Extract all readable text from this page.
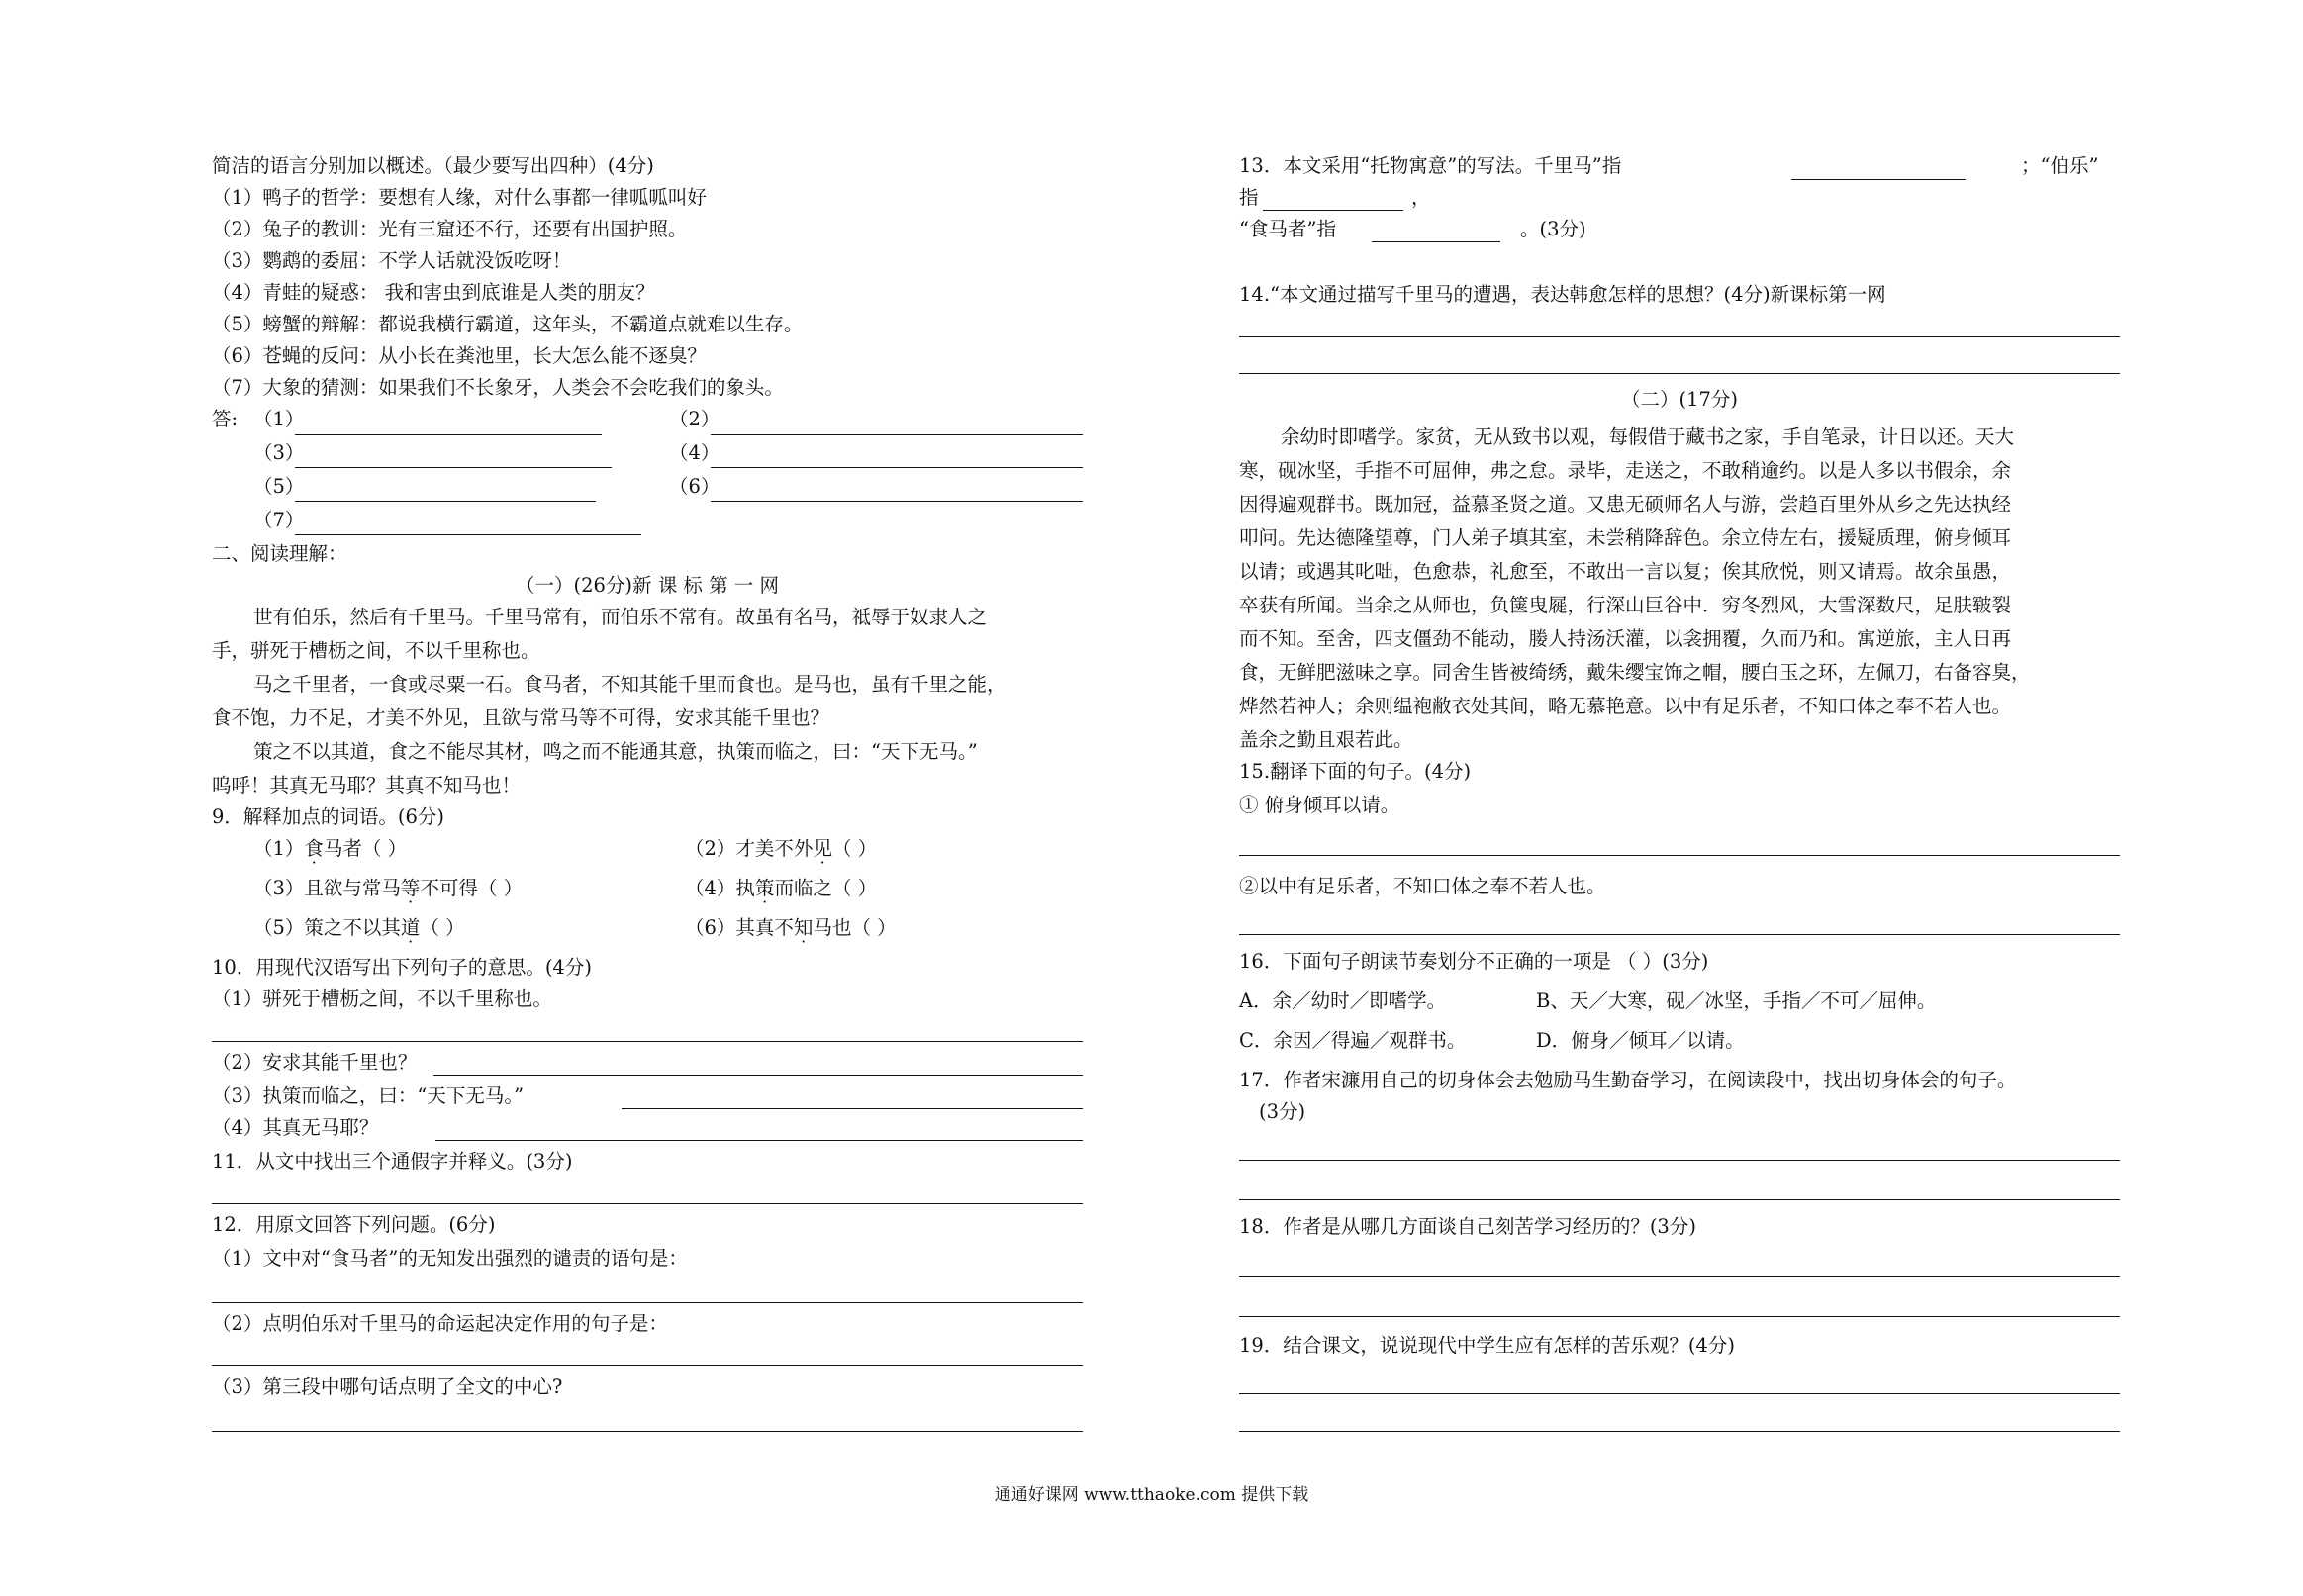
简洁的语言分别加以概述。（最少要写出四种）(4分)
（1）鸭子的哲学：要想有人缘，对什么事都一律呱呱叫好
（2）兔子的教训：光有三窟还不行，还要有出国护照。
（3）鹦鹉的委屈：不学人话就没饭吃呀！
（4）青蛙的疑惑： 我和害虫到底谁是人类的朋友？
（5）螃蟹的辩解：都说我横行霸道，这年头，不霸道点就难以生存。
（6）苍蝇的反问：从小长在粪池里，长大怎么能不逐臭？
（7）大象的猜测：如果我们不长象牙，人类会不会吃我们的象头。
答: （1）	（2）
（3）	（4）
（5）	（6）
（7）
二、阅读理解：
（一）(26分)新 课 标 第 一 网
世有伯乐，然后有千里马。千里马常有，而伯乐不常有。故虽有名马，祗辱于奴隶人之
手，骈死于槽枥之间，不以千里称也。
马之千里者，一食或尽粟一石。食马者，不知其能千里而食也。是马也，虽有千里之能，
食不饱，力不足，才美不外见，且欲与常马等不可得，安求其能千里也？
策之不以其道，食之不能尽其材，鸣之而不能通其意，执策而临之，曰：“天下无马。”
呜呼！其真无马耶？其真不知马也！
9．解释加点的词语。(6分)
（1）食马者（ ）	（2）才美不外见（ ）
（3）且欲与常马等不可得（ ）	（4）执策而临之（ ）
（5）策之不以其道（ ）	（6）其真不知马也（ ）
10．用现代汉语写出下列句子的意思。(4分)
（1）骈死于槽枥之间，不以千里称也。
（2）安求其能千里也？
（3）执策而临之，曰：“天下无马。”
（4）其真无马耶？
11．从文中找出三个通假字并释义。(3分)
12．用原文回答下列问题。(6分)
（1）文中对“食马者”的无知发出强烈的谴责的语句是：
（2）点明伯乐对千里马的命运起决定作用的句子是：
（3）第三段中哪句话点明了全文的中心?
13．本文采用“托物寓意”的写法。千里马”指	；“伯乐”
指	，
“食马者”指	。(3分)
14.“本文通过描写千里马的遭遇，表达韩愈怎样的思想？(4分)新课标第一网
（二）(17分)
余幼时即嗜学。家贫，无从致书以观，每假借于藏书之家，手自笔录，计日以还。天大
寒，砚冰坚，手指不可屈伸，弗之怠。录毕，走送之，不敢稍逾约。以是人多以书假余，余
因得遍观群书。既加冠，益慕圣贤之道。又患无硕师名人与游，尝趋百里外从乡之先达执经
叩问。先达德隆望尊，门人弟子填其室，未尝稍降辞色。余立侍左右，援疑质理，俯身倾耳
以请；或遇其叱咄，色愈恭，礼愈至，不敢出一言以复；俟其欣悦，则又请焉。故余虽愚，
卒获有所闻。当余之从师也，负箧曳屣，行深山巨谷中．穷冬烈风，大雪深数尺，足肤皲裂
而不知。至舍，四支僵劲不能动，媵人持汤沃灌，以衾拥覆，久而乃和。寓逆旅，主人日再
食，无鲜肥滋味之享。同舍生皆被绮绣，戴朱缨宝饰之帽，腰白玉之环，左佩刀，右备容臭，
烨然若神人；余则缊袍敝衣处其间，略无慕艳意。以中有足乐者，不知口体之奉不若人也。
盖余之勤且艰若此。
15.翻译下面的句子。(4分)
① 俯身倾耳以请。
②以中有足乐者，不知口体之奉不若人也。
16．下面句子朗读节奏划分不正确的一项是 （ ）(3分)
A．余／幼时／即嗜学。	B、天／大寒，砚／冰坚，手指／不可／屈伸。
C．余因／得遍／观群书。	D．俯身／倾耳／以请。
17．作者宋濂用自己的切身体会去勉励马生勤奋学习，在阅读段中，找出切身体会的句子。
(3分)
18．作者是从哪几方面谈自己刻苦学习经历的？(3分)
19．结合课文，说说现代中学生应有怎样的苦乐观？(4分)
通通好课网 www.tthaoke.com 提供下载
